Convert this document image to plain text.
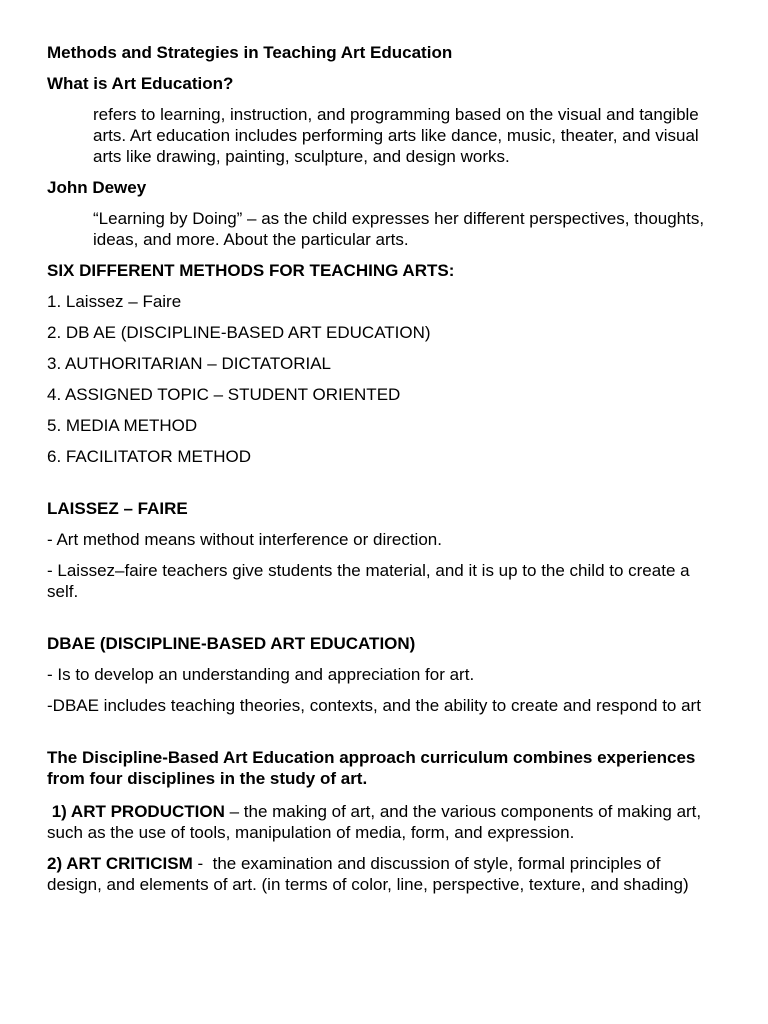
Methods and Strategies in Teaching Art Education

What is Art Education?

refers to learning, instruction, and programming based on the visual and tangible arts. Art education includes performing arts like dance, music, theater, and visual arts like drawing, painting, sculpture, and design works.

John Dewey

“Learning by Doing” – as the child expresses her different perspectives, thoughts, ideas, and more. About the particular arts.

SIX DIFFERENT METHODS FOR TEACHING ARTS:

1. Laissez – Faire

2. DB AE (DISCIPLINE-BASED ART EDUCATION)

3. AUTHORITARIAN – DICTATORIAL

4. ASSIGNED TOPIC – STUDENT ORIENTED

5. MEDIA METHOD

6. FACILITATOR METHOD

LAISSEZ – FAIRE

- Art method means without interference or direction.

- Laissez–faire teachers give students the material, and it is up to the child to create a self.

DBAE (DISCIPLINE-BASED ART EDUCATION)

- Is to develop an understanding and appreciation for art.

-DBAE includes teaching theories, contexts, and the ability to create and respond to art

The Discipline-Based Art Education approach curriculum combines experiences from four disciplines in the study of art.

1) ART PRODUCTION – the making of art, and the various components of making art, such as the use of tools, manipulation of media, form, and expression.

2) ART CRITICISM -  the examination and discussion of style, formal principles of design, and elements of art. (in terms of color, line, perspective, texture, and shading)
